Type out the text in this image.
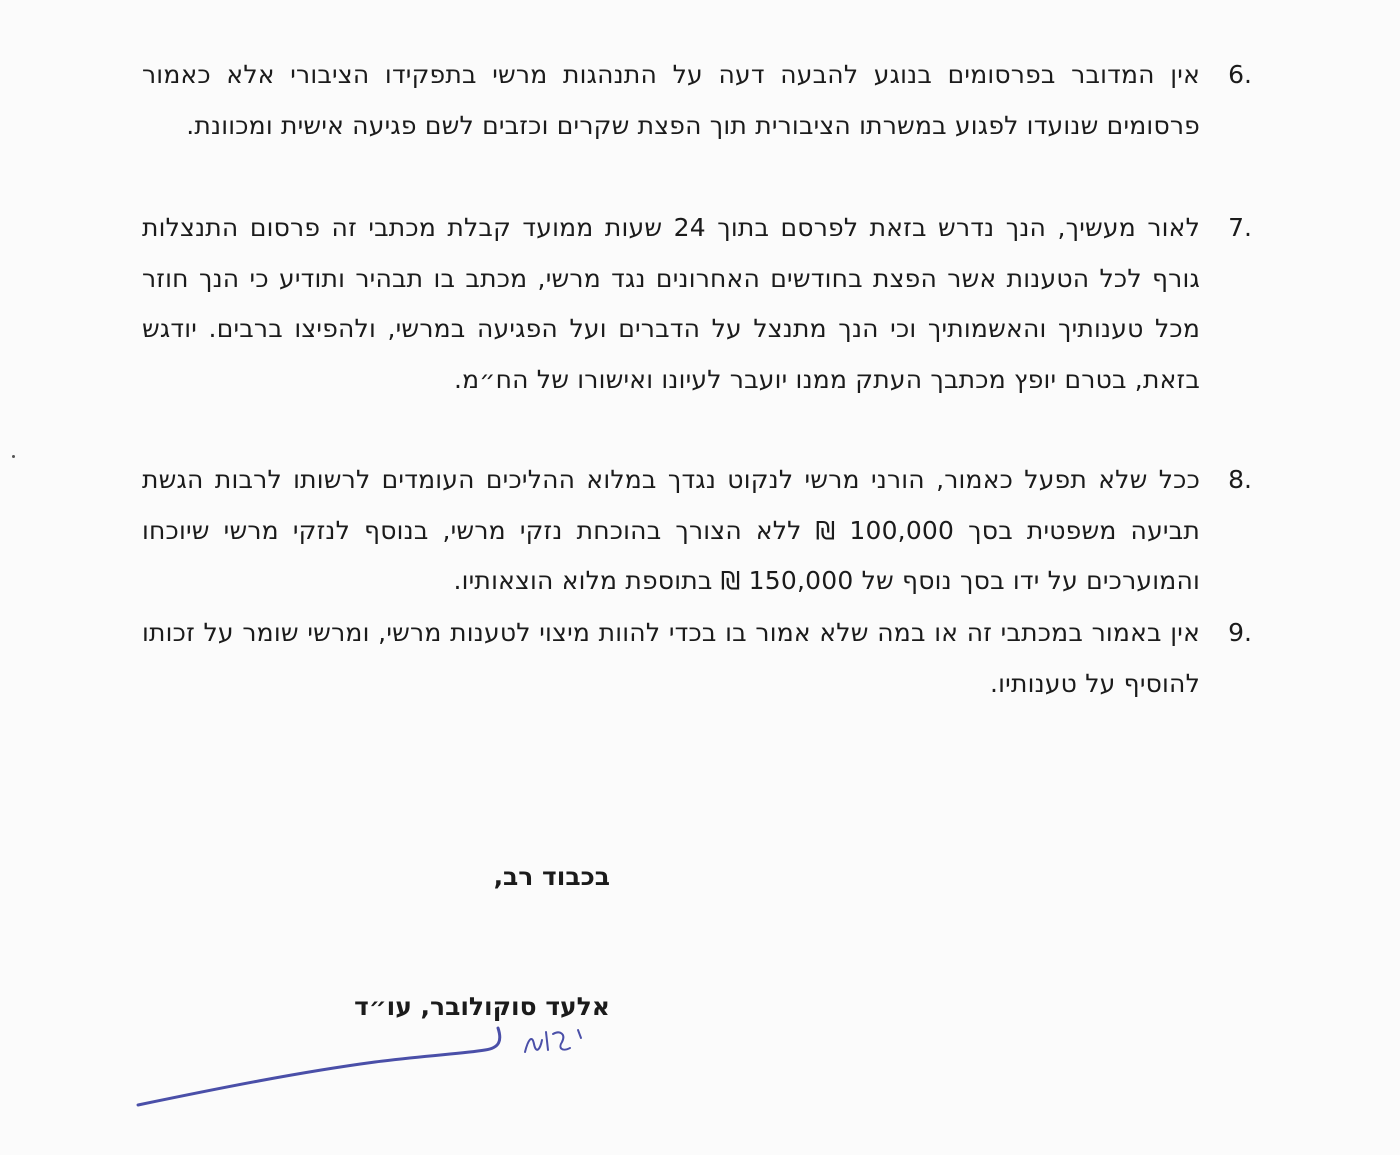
6.
אין המדובר בפרסומים בנוגע להבעה דעה על התנהגות מרשי בתפקידו הציבורי אלא כאמור פרסומים שנועדו לפגוע במשרתו הציבורית תוך הפצת שקרים וכזבים לשם פגיעה אישית ומכוונת.
7.
לאור מעשיך, הנך נדרש בזאת לפרסם בתוך 24 שעות ממועד קבלת מכתבי זה פרסום התנצלות גורף לכל הטענות אשר הפצת בחודשים האחרונים נגד מרשי, מכתב בו תבהיר ותודיע כי הנך חוזר מכל טענותיך והאשמותיך וכי הנך מתנצל על הדברים ועל הפגיעה במרשי, ולהפיצו ברבים. יודגש בזאת, בטרם יופץ מכתבך העתק ממנו יועבר לעיונו ואישורו של הח״מ.
8.
ככל שלא תפעל כאמור, הורני מרשי לנקוט נגדך במלוא ההליכים העומדים לרשותו לרבות הגשת תביעה משפטית בסך 100,000 ₪ ללא הצורך בהוכחת נזקי מרשי, בנוסף לנזקי מרשי שיוכחו והמוערכים על ידו בסך נוסף של 150,000 ₪ בתוספת מלוא הוצאותיו.
9.
אין באמור במכתבי זה או במה שלא אמור בו בכדי להוות מיצוי לטענות מרשי, ומרשי שומר על זכותו להוסיף על טענותיו.
בכבוד רב,
אלעד סוקולובר, עו״ד
